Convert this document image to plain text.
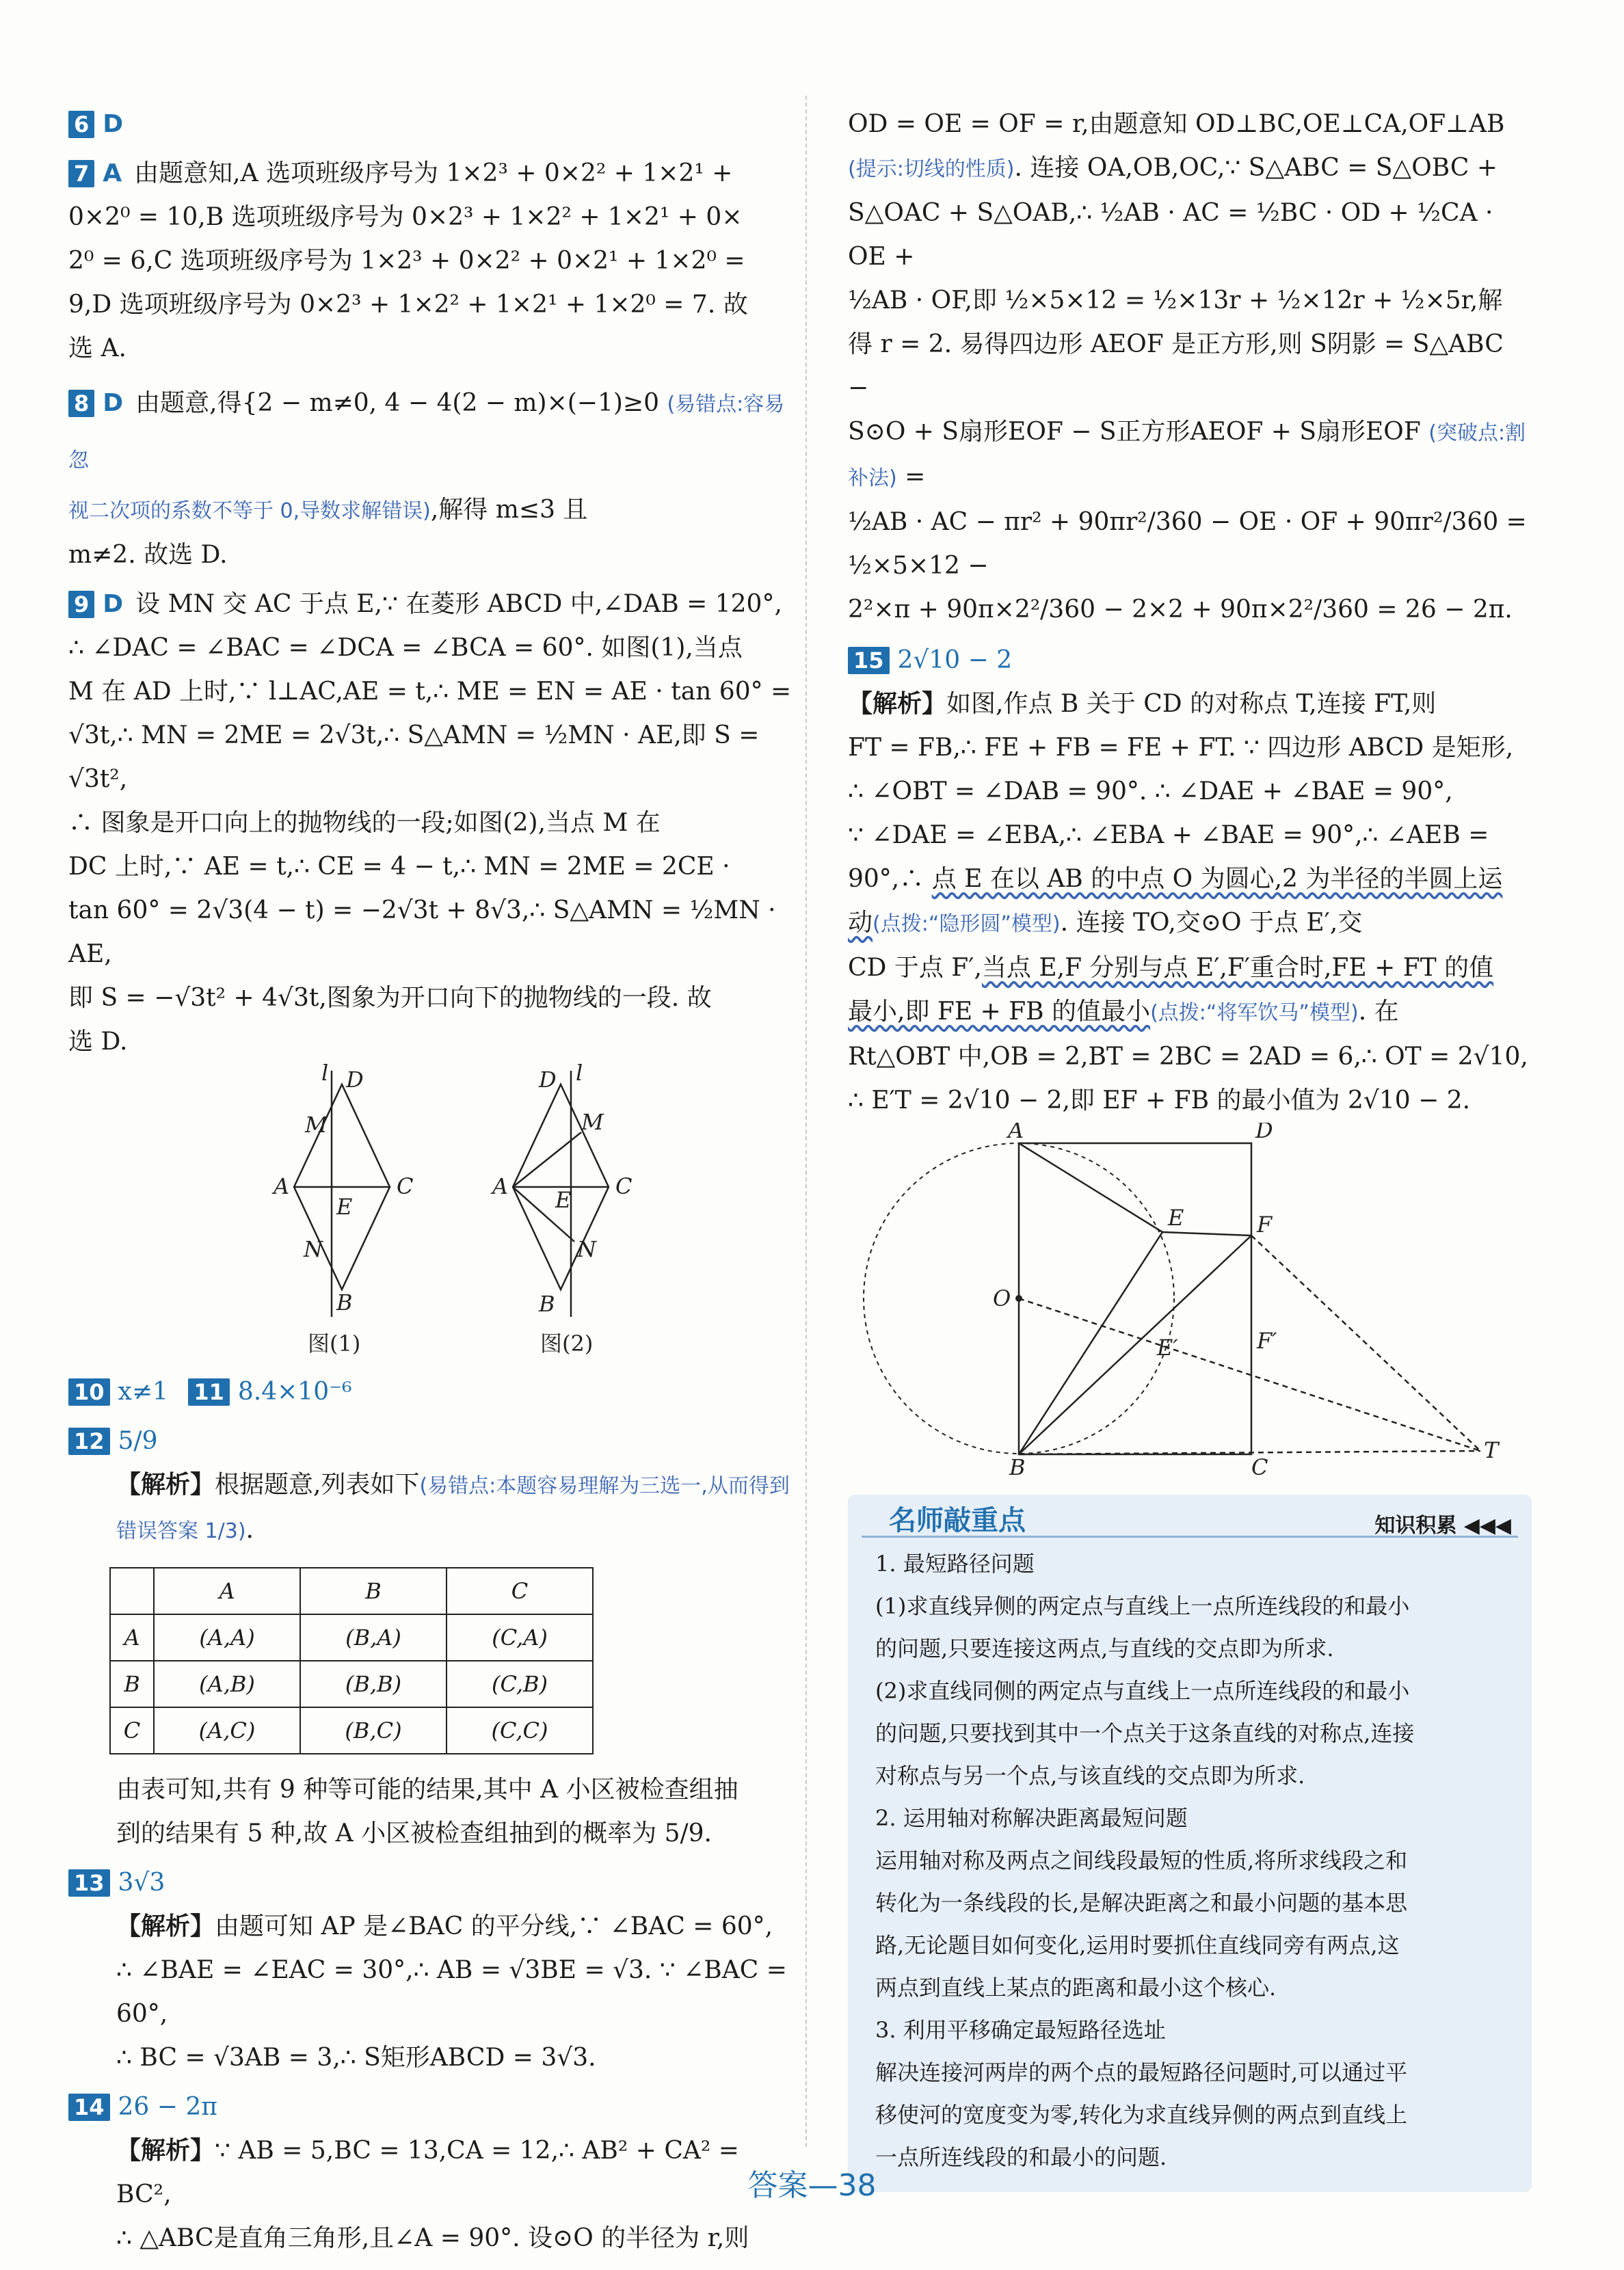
6 D
7 A 由题意知,A 选项班级序号为 1×2³ + 0×2² + 1×2¹ +
0×2⁰ = 10,B 选项班级序号为 0×2³ + 1×2² + 1×2¹ + 0×
2⁰ = 6,C 选项班级序号为 1×2³ + 0×2² + 0×2¹ + 1×2⁰ =
9,D 选项班级序号为 0×2³ + 1×2² + 1×2¹ + 1×2⁰ = 7. 故
选 A.
8 D 由题意,得{2 − m≠0, 4 − 4(2 − m)×(−1)≥0 (易错点:容易忽
视二次项的系数不等于 0,导数求解错误),解得 m≤3 且
m≠2. 故选 D.
9 D 设 MN 交 AC 于点 E,∵ 在菱形 ABCD 中,∠DAB = 120°,
∴ ∠DAC = ∠BAC = ∠DCA = ∠BCA = 60°. 如图(1),当点
M 在 AD 上时,∵ l⊥AC,AE = t,∴ ME = EN = AE · tan 60° =
√3t,∴ MN = 2ME = 2√3t,∴ S△AMN = ½MN · AE,即 S = √3t²,
∴ 图象是开口向上的抛物线的一段;如图(2),当点 M 在
DC 上时,∵ AE = t,∴ CE = 4 − t,∴ MN = 2ME = 2CE ·
tan 60° = 2√3(4 − t) = −2√3t + 8√3,∴ S△AMN = ½MN · AE,
即 S = −√3t² + 4√3t,图象为开口向下的抛物线的一段. 故
选 D.
l D
M
A	C
E
N
B
l
D
M
A	C
E
N
B
图(1)	图(2)
10 x≠1 11 8.4×10⁻⁶
12 5/9
【解析】根据题意,列表如下(易错点:本题容易理解为三选一,从而得到错误答案 1/3).
	A	B	C
A	(A,A)	(B,A)	(C,A)
B	(A,B)	(B,B)	(C,B)
C	(A,C)	(B,C)	(C,C)
由表可知,共有 9 种等可能的结果,其中 A 小区被检查组抽
到的结果有 5 种,故 A 小区被检查组抽到的概率为 5/9.
13 3√3
【解析】由题可知 AP 是∠BAC 的平分线,∵ ∠BAC = 60°,
∴ ∠BAE = ∠EAC = 30°,∴ AB = √3BE = √3. ∵ ∠BAC = 60°,
∴ BC = √3AB = 3,∴ S矩形ABCD = 3√3.
14 26 − 2π
【解析】∵ AB = 5,BC = 13,CA = 12,∴ AB² + CA² = BC²,
∴ △ABC是直角三角形,且∠A = 90°. 设⊙O 的半径为 r,则
OD = OE = OF = r,由题意知 OD⊥BC,OE⊥CA,OF⊥AB (提示:切线的性质). 连接 OA,OB,OC,∵ S△ABC = S△OBC +
S△OAC + S△OAB,∴ ½AB · AC = ½BC · OD + ½CA · OE +
½AB · OF,即 ½×5×12 = ½×13r + ½×12r + ½×5r,解
得 r = 2. 易得四边形 AEOF 是正方形,则 S阴影 = S△ABC −
S⊙O + S扇形EOF − S正方形AEOF + S扇形EOF (突破点:割补法) =
½AB · AC − πr² + 90πr²/360 − OE · OF + 90πr²/360 = ½×5×12 −
2²×π + 90π×2²/360 − 2×2 + 90π×2²/360 = 26 − 2π.
15 2√10 − 2
【解析】如图,作点 B 关于 CD 的对称点 T,连接 FT,则
FT = FB,∴ FE + FB = FE + FT. ∵ 四边形 ABCD 是矩形,
∴ ∠OBT = ∠DAB = 90°. ∴ ∠DAE + ∠BAE = 90°,
∵ ∠DAE = ∠EBA,∴ ∠EBA + ∠BAE = 90°,∴ ∠AEB =
90°,∴ 点 E 在以 AB 的中点 O 为圆心,2 为半径的半圆上运
动(点拨:“隐形圆”模型). 连接 TO,交⊙O 于点 E′,交
CD 于点 F′,当点 E,F 分别与点 E′,F′重合时,FE + FT 的值
最小,即 FE + FB 的值最小(点拨:“将军饮马”模型). 在
Rt△OBT 中,OB = 2,BT = 2BC = 2AD = 6,∴ OT = 2√10,
∴ E′T = 2√10 − 2,即 EF + FB 的最小值为 2√10 − 2.
A	D
E	F
O
E′	F′
B	C
T
名师敲重点	知识积累 ◀◀◀

1. 最短路径问题

(1)求直线异侧的两定点与直线上一点所连线段的和最小

的问题,只要连接这两点,与直线的交点即为所求.

(2)求直线同侧的两定点与直线上一点所连线段的和最小

的问题,只要找到其中一个点关于这条直线的对称点,连接

对称点与另一个点,与该直线的交点即为所求.

2. 运用轴对称解决距离最短问题

运用轴对称及两点之间线段最短的性质,将所求线段之和

转化为一条线段的长,是解决距离之和最小问题的基本思

路,无论题目如何变化,运用时要抓住直线同旁有两点,这

两点到直线上某点的距离和最小这个核心.

3. 利用平移确定最短路径选址

解决连接河两岸的两个点的最短路径问题时,可以通过平

移使河的宽度变为零,转化为求直线异侧的两点到直线上

一点所连线段的和最小的问题.

答案—38
